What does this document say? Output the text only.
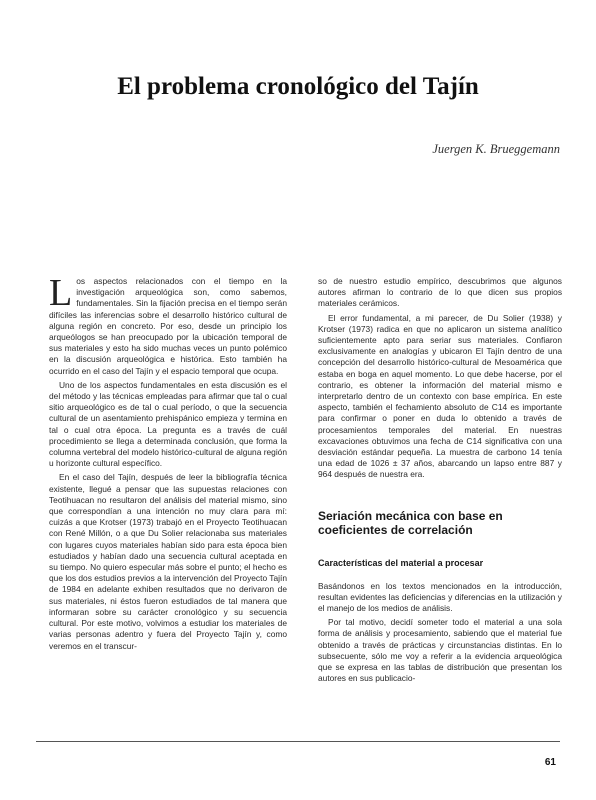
El problema cronológico del Tajín

Juergen K. Brueggemann

Los aspectos relacionados con el tiempo en la investigación arqueológica son, como sabemos, fundamentales. Sin la fijación precisa en el tiempo serán difíciles las inferencias sobre el desarrollo histórico cultural de alguna región en concreto. Por eso, desde un principio los arqueólogos se han preocupado por la ubicación temporal de sus materiales y esto ha sido muchas veces un punto polémico en la discusión arqueológica e histórica. Esto también ha ocurrido en el caso del Tajín y el espacio temporal que ocupa.

Uno de los aspectos fundamentales en esta discusión es el del método y las técnicas empleadas para afirmar que tal o cual sitio arqueológico es de tal o cual período, o que la secuencia cultural de un asentamiento prehispánico empieza y termina en tal o cual otra época. La pregunta es a través de cuál procedimiento se llega a determinada conclusión, que forma la columna vertebral del modelo histórico-cultural de alguna región u horizonte cultural específico.

En el caso del Tajín, después de leer la bibliografía técnica existente, llegué a pensar que las supuestas relaciones con Teotihuacan no resultaron del análisis del material mismo, sino que correspondían a una intención no muy clara para mí: cuizás a que Krotser (1973) trabajó en el Proyecto Teotihuacan con René Millón, o a que Du Solier relacionaba sus materiales con lugares cuyos materiales habían sido para esta época bien estudiados y habían dado una secuencia cultural aceptada en su tiempo. No quiero especular más sobre el punto; el hecho es que los dos estudios previos a la intervención del Proyecto Tajín de 1984 en adelante exhiben resultados que no derivaron de sus materiales, ni éstos fueron estudiados de tal manera que informaran sobre su carácter cronológico y su secuencia cultural. Por este motivo, volvimos a estudiar los materiales de varias personas adentro y fuera del Proyecto Tajín y, como veremos en el transcur-

so de nuestro estudio empírico, descubrimos que algunos autores afirman lo contrario de lo que dicen sus propios materiales cerámicos.

El error fundamental, a mi parecer, de Du Solier (1938) y Krotser (1973) radica en que no aplicaron un sistema analítico suficientemente apto para seriar sus materiales. Confiaron exclusivamente en analogías y ubicaron El Tajín dentro de una concepción del desarrollo histórico-cultural de Mesoamérica que estaba en boga en aquel momento. Lo que debe hacerse, por el contrario, es obtener la información del material mismo e interpretarlo dentro de un contexto con base empírica. En este aspecto, también el fechamiento absoluto de C14 es importante para confirmar o poner en duda lo obtenido a través de procesamientos temporales del material. En nuestras excavaciones obtuvimos una fecha de C14 significativa con una desviación estándar pequeña. La muestra de carbono 14 tenía una edad de 1026 ± 37 años, abarcando un lapso entre 887 y 964 después de nuestra era.

Seriación mecánica con base en coeficientes de correlación
Características del material a procesar

Basándonos en los textos mencionados en la introducción, resultan evidentes las deficiencias y diferencias en la utilización y el manejo de los medios de análisis.

Por tal motivo, decidí someter todo el material a una sola forma de análisis y procesamiento, sabiendo que el material fue obtenido a través de prácticas y circunstancias distintas. En lo subsecuente, sólo me voy a referir a la evidencia arqueológica que se expresa en las tablas de distribución que presentan los autores en sus publicacio-

61
